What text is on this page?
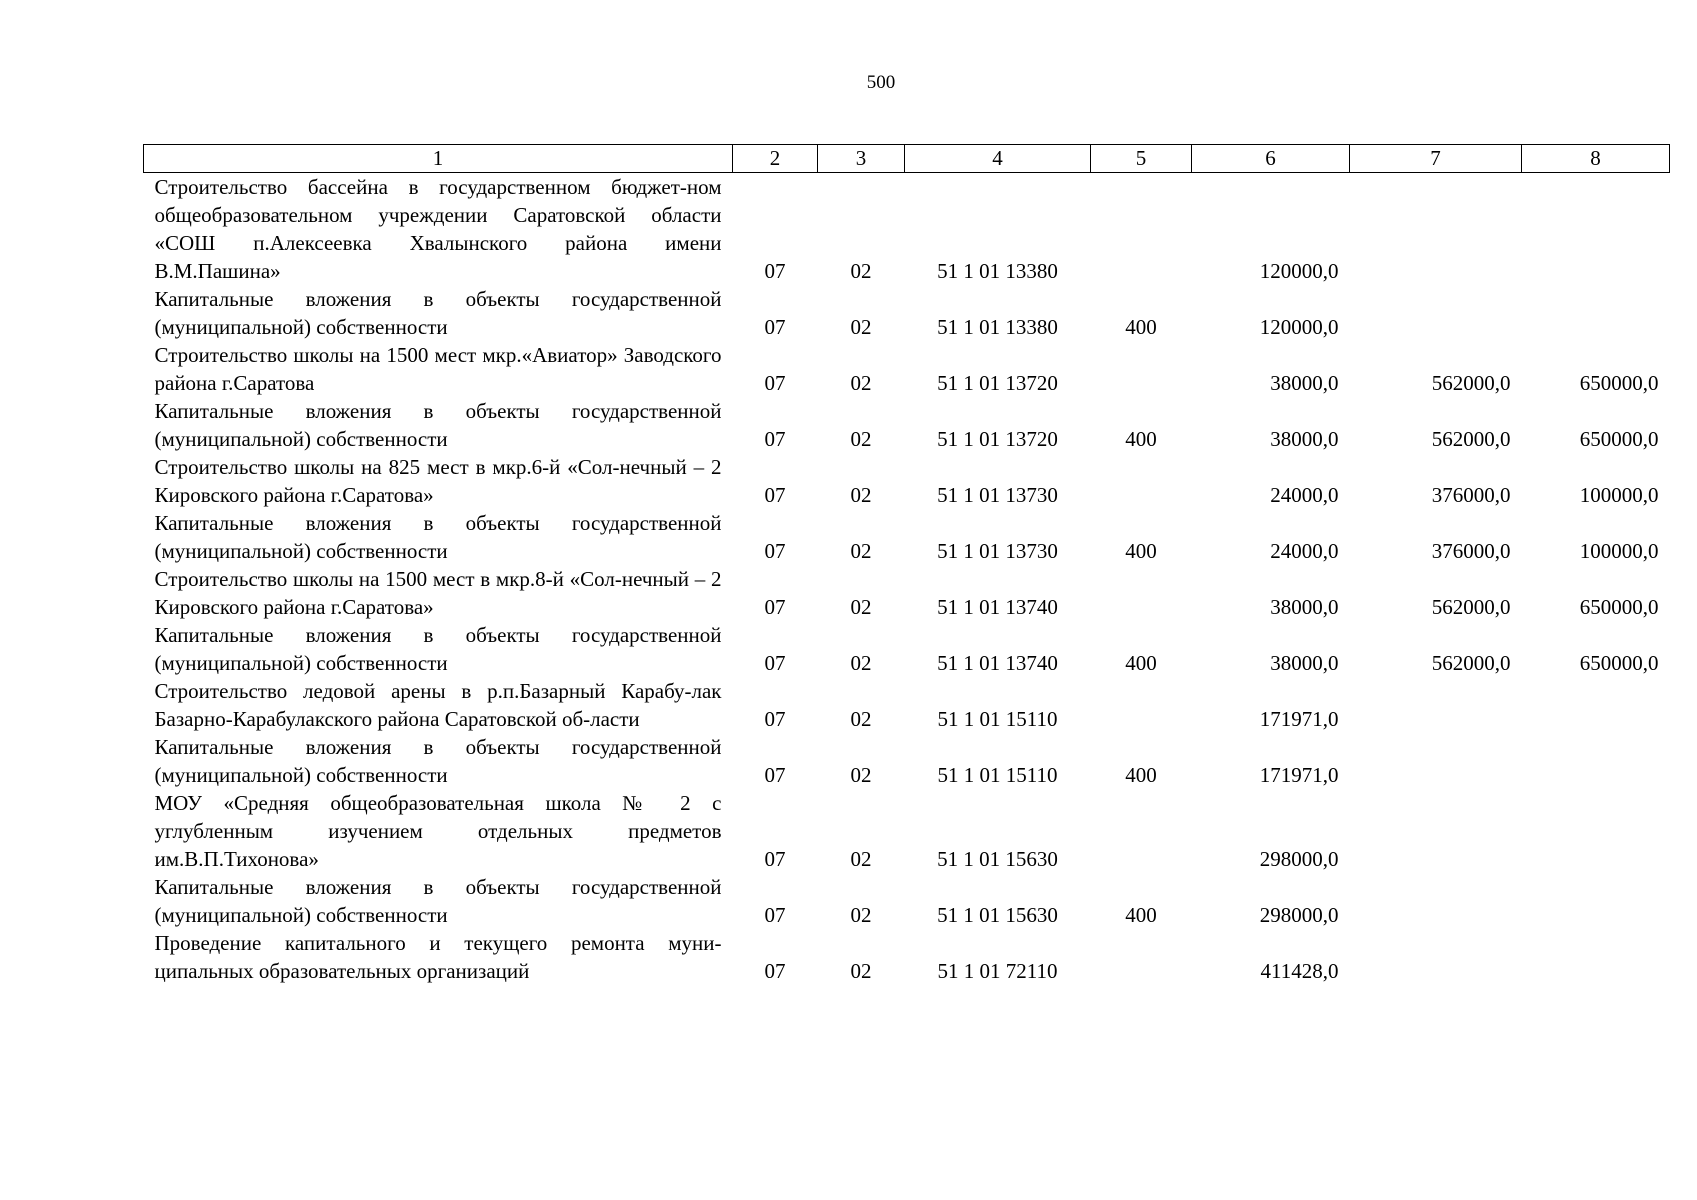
500
1	2	3	4	5	6	7	8
Строительство бассейна в государственном бюджет-ном общеобразовательном учреждении Саратовской области «СОШ п.Алексеевка Хвалынского района имени В.М.Пашина»	07	02	51 1 01 13380		120000,0		
Капитальные вложения в объекты государственной (муниципальной) собственности	07	02	51 1 01 13380	400	120000,0		
Строительство школы на 1500 мест мкр.«Авиатор» Заводского района г.Саратова	07	02	51 1 01 13720		38000,0	562000,0	650000,0
Капитальные вложения в объекты государственной (муниципальной) собственности	07	02	51 1 01 13720	400	38000,0	562000,0	650000,0
Строительство школы на 825 мест в мкр.6-й «Сол-нечный – 2 Кировского района г.Саратова»	07	02	51 1 01 13730		24000,0	376000,0	100000,0
Капитальные вложения в объекты государственной (муниципальной) собственности	07	02	51 1 01 13730	400	24000,0	376000,0	100000,0
Строительство школы на 1500 мест в мкр.8-й «Сол-нечный – 2 Кировского района г.Саратова»	07	02	51 1 01 13740		38000,0	562000,0	650000,0
Капитальные вложения в объекты государственной (муниципальной) собственности	07	02	51 1 01 13740	400	38000,0	562000,0	650000,0
Строительство ледовой арены в р.п.Базарный Карабу-лак Базарно-Карабулакского района Саратовской об-ласти	07	02	51 1 01 15110		171971,0		
Капитальные вложения в объекты государственной (муниципальной) собственности	07	02	51 1 01 15110	400	171971,0		
МОУ «Средняя общеобразовательная школа № 2 с углубленным изучением отдельных предметов им.В.П.Тихонова»	07	02	51 1 01 15630		298000,0		
Капитальные вложения в объекты государственной (муниципальной) собственности	07	02	51 1 01 15630	400	298000,0		
Проведение капитального и текущего ремонта муни-ципальных образовательных организаций	07	02	51 1 01 72110		411428,0		
